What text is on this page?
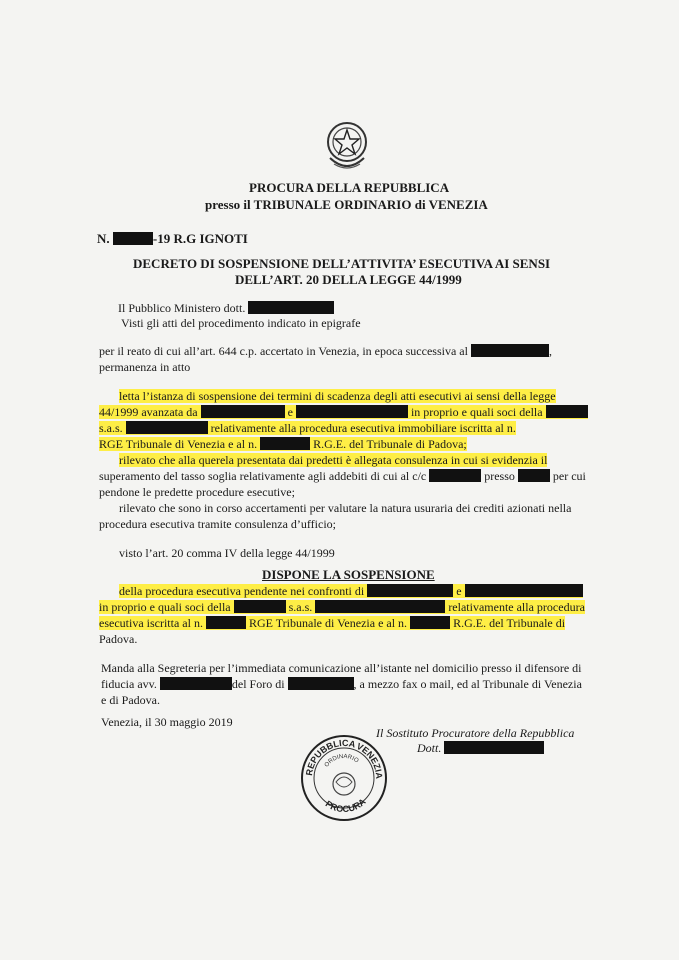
PROCURA DELLA REPUBBLICA
presso il TRIBUNALE ORDINARIO di VENEZIA
N.	-19 R.G IGNOTI
DECRETO DI SOSPENSIONE DELL’ATTIVITA’ ESECUTIVA AI SENSI
DELL’ART. 20 DELLA LEGGE 44/1999
Il Pubblico Ministero dott.
Visti gli atti del procedimento indicato in epigrafe
per il reato di cui all’art. 644 c.p. accertato in Venezia, in epoca successiva al	,
permanenza in atto
letta l’istanza di sospensione dei termini di scadenza degli atti esecutivi ai sensi della legge
44/1999 avanzata da	e	in proprio e quali soci della
s.a.s.	relativamente alla procedura esecutiva immobiliare iscritta al n.
RGE Tribunale di Venezia e al n.	R.G.E. del Tribunale di Padova;
rilevato che alla querela presentata dai predetti è allegata consulenza in cui si evidenzia il
superamento del tasso soglia relativamente agli addebiti di cui al c/c	presso	per cui
pendone le predette procedure esecutive;
rilevato che sono in corso accertamenti per valutare la natura usuraria dei crediti azionati nella
procedura esecutiva tramite consulenza d’ufficio;
visto l’art. 20 comma IV della legge 44/1999
DISPONE LA SOSPENSIONE
della procedura esecutiva pendente nei confronti di	e
in proprio e quali soci della	s.a.s.	relativamente alla procedura
esecutiva iscritta al n.	RGE Tribunale di Venezia e al n.	R.G.E. del Tribunale di
Padova.
Manda alla Segreteria per l’immediata comunicazione all’istante nel domicilio presso il difensore di
fiducia avv.	del Foro di	, a mezzo fax o mail, ed al Tribunale di Venezia
e di Padova.
Venezia, il 30 maggio 2019
Il Sostituto Procuratore della Repubblica
Dott.
REPUBBLICA
VENEZIA
PROCURA
ORDINARIO
